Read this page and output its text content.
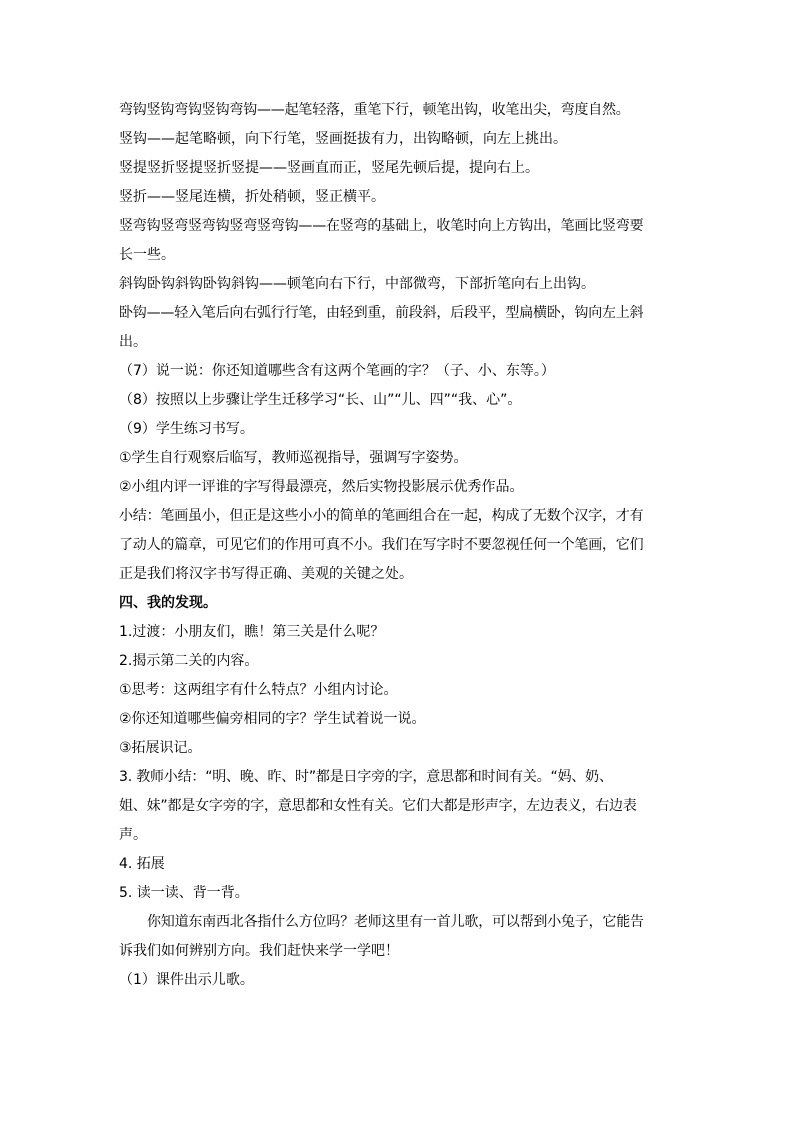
弯钩竖钩弯钩竖钩弯钩——起笔轻落，重笔下行，顿笔出钩，收笔出尖，弯度自然。
竖钩——起笔略顿，向下行笔，竖画挺拔有力，出钩略顿，向左上挑出。
竖提竖折竖提竖折竖提——竖画直而正，竖尾先顿后提，提向右上。
竖折——竖尾连横，折处稍顿，竖正横平。
竖弯钩竖弯竖弯钩竖弯竖弯钩——在竖弯的基础上，收笔时向上方钩出，笔画比竖弯要
长一些。
斜钩卧钩斜钩卧钩斜钩——顿笔向右下行，中部微弯，下部折笔向右上出钩。
卧钩——轻入笔后向右弧行行笔，由轻到重，前段斜，后段平，型扁横卧，钩向左上斜
出。
（7）说一说：你还知道哪些含有这两个笔画的字？（子、小、东等。）
（8）按照以上步骤让学生迁移学习“长、山”“儿、四”“我、心”。
（9）学生练习书写。
①学生自行观察后临写，教师巡视指导，强调写字姿势。
②小组内评一评谁的字写得最漂亮，然后实物投影展示优秀作品。
小结：笔画虽小，但正是这些小小的简单的笔画组合在一起，构成了无数个汉字，才有
了动人的篇章，可见它们的作用可真不小。我们在写字时不要忽视任何一个笔画，它们
正是我们将汉字书写得正确、美观的关键之处。
四、我的发现。
1.过渡：小朋友们，瞧！第三关是什么呢？
2.揭示第二关的内容。
①思考：这两组字有什么特点？小组内讨论。
②你还知道哪些偏旁相同的字？学生试着说一说。
③拓展识记。
3. 教师小结：“明、晚、昨、时”都是日字旁的字，意思都和时间有关。“妈、奶、
姐、妹”都是女字旁的字，意思都和女性有关。它们大都是形声字，左边表义，右边表
声。
4. 拓展
5. 读一读、背一背。
你知道东南西北各指什么方位吗？老师这里有一首儿歌，可以帮到小兔子，它能告
诉我们如何辨别方向。我们赶快来学一学吧！
（1）课件出示儿歌。
